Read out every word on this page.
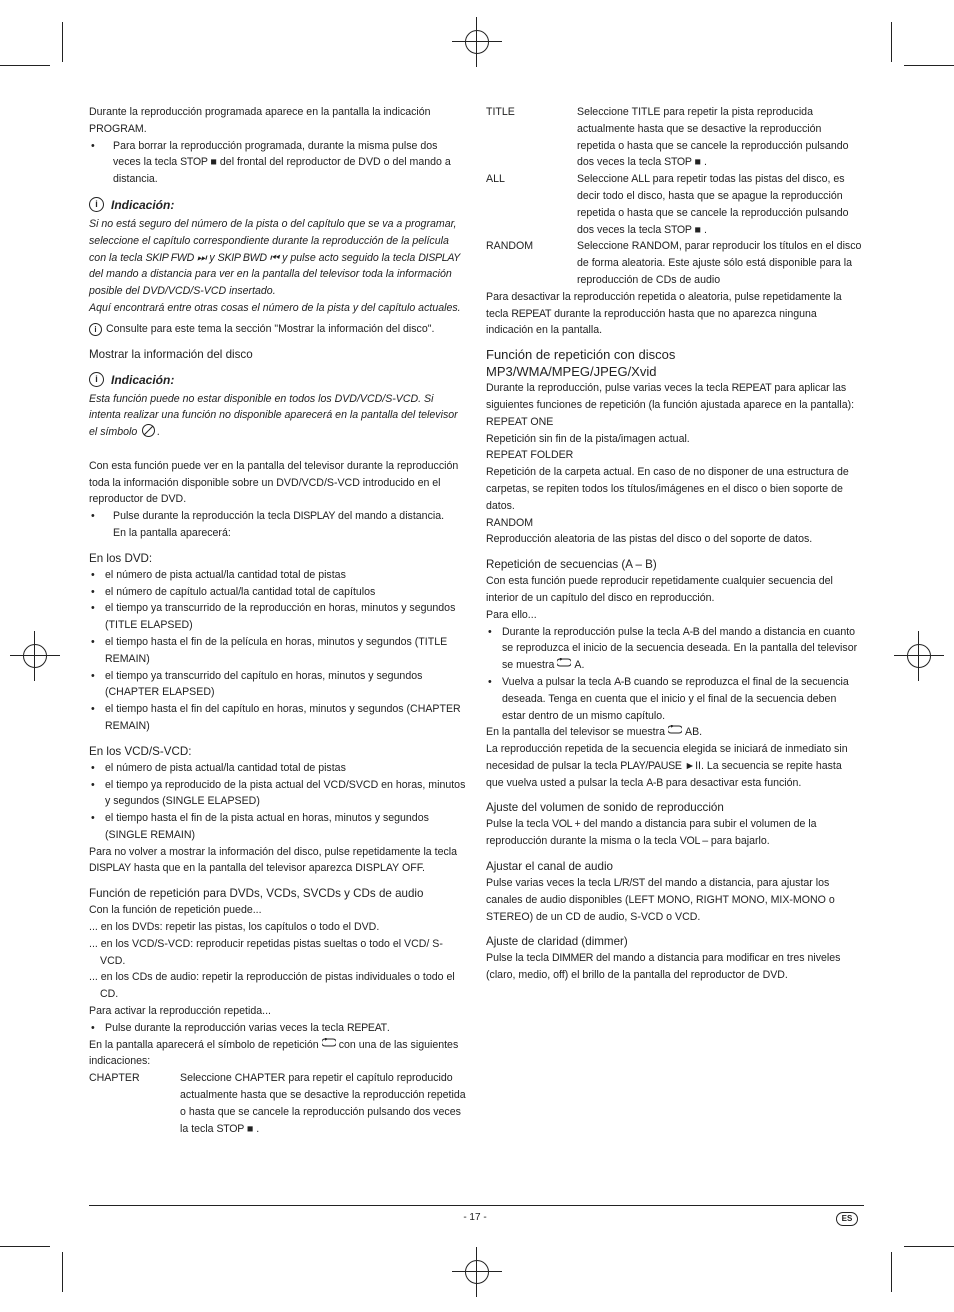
Durante la reproducción programada aparece en la pantalla la indicación PROGRAM.

• Para borrar la reproducción programada, durante la misma pulse dos veces la tecla STOP ■ del frontal del reproductor de DVD o del mando a distancia.

i	Indicación:

Si no está seguro del número de la pista o del capítulo que se va a programar, seleccione el capítulo correspondiente durante la reproducción de la película con la tecla SKIP FWD ⏭ y SKIP BWD ⏮ y pulse acto seguido la tecla DISPLAY del mando a distancia para ver en la pantalla del televisor toda la información posible del DVD/VCD/S-VCD insertado.

Aquí encontrará entre otras cosas el número de la pista y del capítulo actuales.

i Consulte para este tema la sección "Mostrar la información del disco".

Mostrar la información del disco

i	Indicación:

Esta función puede no estar disponible en todos los DVD/VCD/S-VCD. Si intenta realizar una función no disponible aparecerá en la pantalla del televisor el símbolo .

Con esta función puede ver en la pantalla del televisor durante la reproducción toda la información disponible sobre un DVD/VCD/S-VCD introducido en el reproductor de DVD.

• Pulse durante la reproducción la tecla DISPLAY del mando a distancia.
En la pantalla aparecerá:

En los DVD:

• el número de pista actual/la cantidad total de pistas

• el número de capítulo actual/la cantidad total de capítulos

• el tiempo ya transcurrido de la reproducción en horas, minutos y segundos (TITLE ELAPSED)

• el tiempo hasta el fin de la película en horas, minutos y segundos (TITLE REMAIN)

• el tiempo ya transcurrido del capítulo en horas, minutos y segundos (CHAPTER ELAPSED)

• el tiempo hasta el fin del capítulo en horas, minutos y segundos (CHAPTER REMAIN)

En los VCD/S-VCD:

• el número de pista actual/la cantidad total de pistas

• el tiempo ya reproducido de la pista actual del VCD/SVCD en horas, minutos y segundos (SINGLE ELAPSED)

• el tiempo hasta el fin de la pista actual en horas, minutos y segundos (SINGLE REMAIN)

Para no volver a mostrar la información del disco, pulse repetidamente la tecla DISPLAY hasta que en la pantalla del televisor aparezca DISPLAY OFF.

Función de repetición para DVDs, VCDs, SVCDs y CDs de audio

Con la función de repetición puede...

... en los DVDs: repetir las pistas, los capítulos o todo el DVD.

... en los VCD/S-VCD: reproducir repetidas pistas sueltas o todo el VCD/ S-VCD.

... en los CDs de audio: repetir la reproducción de pistas individuales o todo el CD.

Para activar la reproducción repetida...

• Pulse durante la reproducción varias veces la tecla REPEAT.

En la pantalla aparecerá el símbolo de repetición con una de las siguientes indicaciones:

CHAPTER	Seleccione CHAPTER para repetir el capítulo reproducido actualmente hasta que se desactive la reproducción repetida o hasta que se cancele la reproducción pulsando dos veces la tecla STOP ■ .
TITLE	Seleccione TITLE para repetir la pista reproducida actualmente hasta que se desactive la reproducción repetida o hasta que se cancele la reproducción pulsando dos veces la tecla STOP ■ .
ALL	Seleccione ALL para repetir todas las pistas del disco, es decir todo el disco, hasta que se apague la reproducción repetida o hasta que se cancele la reproducción pulsando dos veces la tecla STOP ■ .
RANDOM	Seleccione RANDOM, parar reproducir los títulos en el disco de forma aleatoria. Este ajuste sólo está disponible para la reproducción de CDs de audio

Para desactivar la reproducción repetida o aleatoria, pulse repetidamente la tecla REPEAT durante la reproducción hasta que no aparezca ninguna indicación en la pantalla.

Función de repetición con discos
MP3/WMA/MPEG/JPEG/Xvid

Durante la reproducción, pulse varias veces la tecla REPEAT para aplicar las siguientes funciones de repetición (la función ajustada aparece en la pantalla):

REPEAT ONE

Repetición sin fin de la pista/imagen actual.

REPEAT FOLDER

Repetición de la carpeta actual. En caso de no disponer de una estructura de carpetas, se repiten todos los títulos/imágenes en el disco o bien soporte de datos.

RANDOM

Reproducción aleatoria de las pistas del disco o del soporte de datos.

Repetición de secuencias (A – B)

Con esta función puede reproducir repetidamente cualquier secuencia del interior de un capítulo del disco en reproducción.

Para ello...

• Durante la reproducción pulse la tecla A-B del mando a distancia en cuanto se reproduzca el inicio de la secuencia deseada. En la pantalla del televisor se muestra A.

• Vuelva a pulsar la tecla A-B cuando se reproduzca el final de la secuencia deseada. Tenga en cuenta que el inicio y el final de la secuencia deben estar dentro de un mismo capítulo.

En la pantalla del televisor se muestra AB.

La reproducción repetida de la secuencia elegida se iniciará de inmediato sin necesidad de pulsar la tecla PLAY/PAUSE ►II. La secuencia se repite hasta que vuelva usted a pulsar la tecla A-B para desactivar esta función.

Ajuste del volumen de sonido de reproducción

Pulse la tecla VOL + del mando a distancia para subir el volumen de la reproducción durante la misma o la tecla VOL – para bajarlo.

Ajustar el canal de audio

Pulse varias veces la tecla L/R/ST del mando a distancia, para ajustar los canales de audio disponibles (LEFT MONO, RIGHT MONO, MIX-MONO o STEREO) de un CD de audio, S-VCD o VCD.

Ajuste de claridad (dimmer)

Pulse la tecla DIMMER del mando a distancia para modificar en tres niveles (claro, medio, off) el brillo de la pantalla del reproductor de DVD.

- 17 -	ES
